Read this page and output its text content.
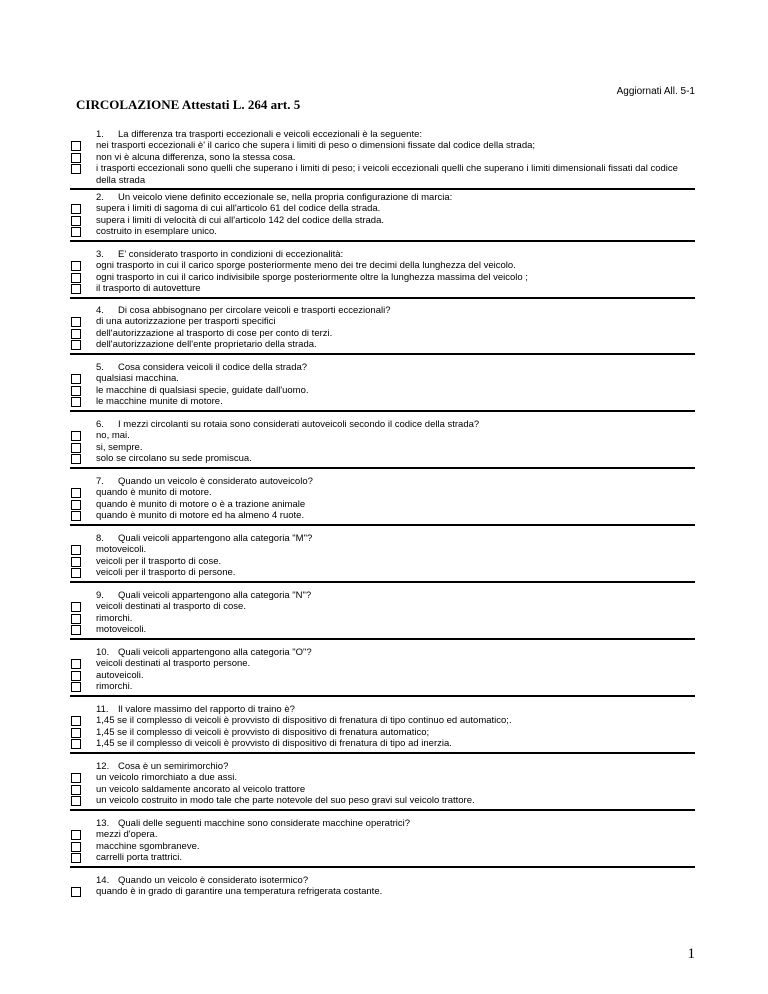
Aggiornati All. 5-1
CIRCOLAZIONE Attestati L. 264 art. 5
1. La differenza tra trasporti eccezionali e veicoli eccezionali è la seguente:
nei trasporti eccezionali è' il carico che supera i limiti di peso o dimensioni fissate dal codice della strada;
non vi è alcuna differenza, sono la stessa cosa.
i trasporti eccezionali sono quelli che superano i limiti di peso; i veicoli eccezionali quelli che superano i limiti dimensionali fissati dal codice della strada
2. Un veicolo viene definito eccezionale se, nella propria configurazione di marcia:
supera i limiti di sagoma di cui all'articolo 61 del codice della strada.
supera i limiti di velocità di cui all'articolo 142 del codice della strada.
costruito in esemplare unico.
3. E' considerato trasporto in condizioni di eccezionalità:
ogni trasporto in cui il carico sporge posteriormente meno dei tre decimi della lunghezza del veicolo.
ogni trasporto in cui il carico indivisibile sporge posteriormente oltre la lunghezza massima del veicolo ;
il trasporto di autovetture
4. Di cosa abbisognano per circolare veicoli e trasporti eccezionali?
di una autorizzazione per trasporti specifici
dell'autorizzazione al trasporto di cose per conto di terzi.
dell'autorizzazione dell'ente proprietario della strada.
5. Cosa considera veicoli il codice della strada?
qualsiasi macchina.
le macchine di qualsiasi specie, guidate dall'uomo.
le macchine munite di motore.
6. I mezzi circolanti su rotaia sono considerati autoveicoli secondo il codice della strada?
no, mai.
si, sempre.
solo se circolano su sede promiscua.
7. Quando un veicolo è considerato autoveicolo?
quando è munito di motore.
quando è munito di motore o è a trazione animale
quando è munito di motore ed ha almeno 4 ruote.
8. Quali veicoli appartengono alla categoria "M"?
motoveicoli.
veicoli per il trasporto di cose.
veicoli per il trasporto di persone.
9. Quali veicoli appartengono alla categoria "N"?
veicoli destinati al trasporto di cose.
rimorchi.
motoveicoli.
10. Quali veicoli appartengono alla categoria "O"?
veicoli destinati al trasporto persone.
autoveicoli.
rimorchi.
11. Il valore massimo del rapporto di traino è?
1,45 se il complesso di veicoli è provvisto di dispositivo di frenatura di tipo continuo ed automatico;.
1,45 se il complesso di veicoli è provvisto di dispositivo di frenatura automatico;
1,45 se il complesso di veicoli è provvisto di dispositivo di frenatura di tipo ad inerzia.
12. Cosa è un semirimorchio?
un veicolo rimorchiato a due assi.
un veicolo saldamente ancorato al veicolo trattore
un veicolo costruito in modo tale che parte notevole del suo peso gravi sul veicolo trattore.
13. Quali delle seguenti macchine sono considerate macchine operatrici?
mezzi d'opera.
macchine sgombraneve.
carrelli porta trattrici.
14. Quando un veicolo è considerato isotermico?
quando è in grado di garantire una temperatura refrigerata costante.
1
